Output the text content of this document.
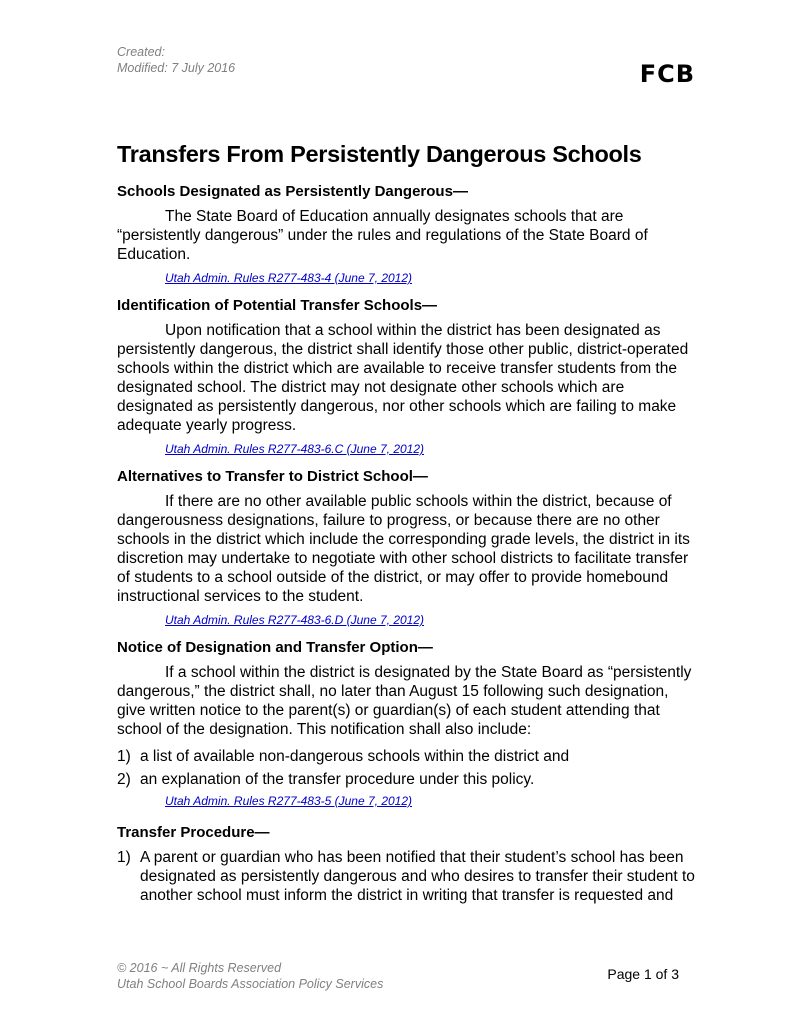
Created:
Modified: 7 July 2016	FCB
Transfers From Persistently Dangerous Schools
Schools Designated as Persistently Dangerous—

The State Board of Education annually designates schools that are “persistently dangerous” under the rules and regulations of the State Board of Education.

Utah Admin. Rules R277-483-4 (June 7, 2012)
Identification of Potential Transfer Schools—

Upon notification that a school within the district has been designated as persistently dangerous, the district shall identify those other public, district-operated schools within the district which are available to receive transfer students from the designated school. The district may not designate other schools which are designated as persistently dangerous, nor other schools which are failing to make adequate yearly progress.

Utah Admin. Rules R277-483-6.C (June 7, 2012)
Alternatives to Transfer to District School—

If there are no other available public schools within the district, because of dangerousness designations, failure to progress, or because there are no other schools in the district which include the corresponding grade levels, the district in its discretion may undertake to negotiate with other school districts to facilitate transfer of students to a school outside of the district, or may offer to provide homebound instructional services to the student.

Utah Admin. Rules R277-483-6.D (June 7, 2012)
Notice of Designation and Transfer Option—

If a school within the district is designated by the State Board as “persistently dangerous,” the district shall, no later than August 15 following such designation, give written notice to the parent(s) or guardian(s) of each student attending that school of the designation. This notification shall also include:

1) a list of available non-dangerous schools within the district and
2) an explanation of the transfer procedure under this policy.
Utah Admin. Rules R277-483-5 (June 7, 2012)
Transfer Procedure—
1) A parent or guardian who has been notified that their student’s school has been designated as persistently dangerous and who desires to transfer their student to another school must inform the district in writing that transfer is requested and
© 2016 ~ All Rights Reserved
Utah School Boards Association Policy Services
Page 1 of 3
